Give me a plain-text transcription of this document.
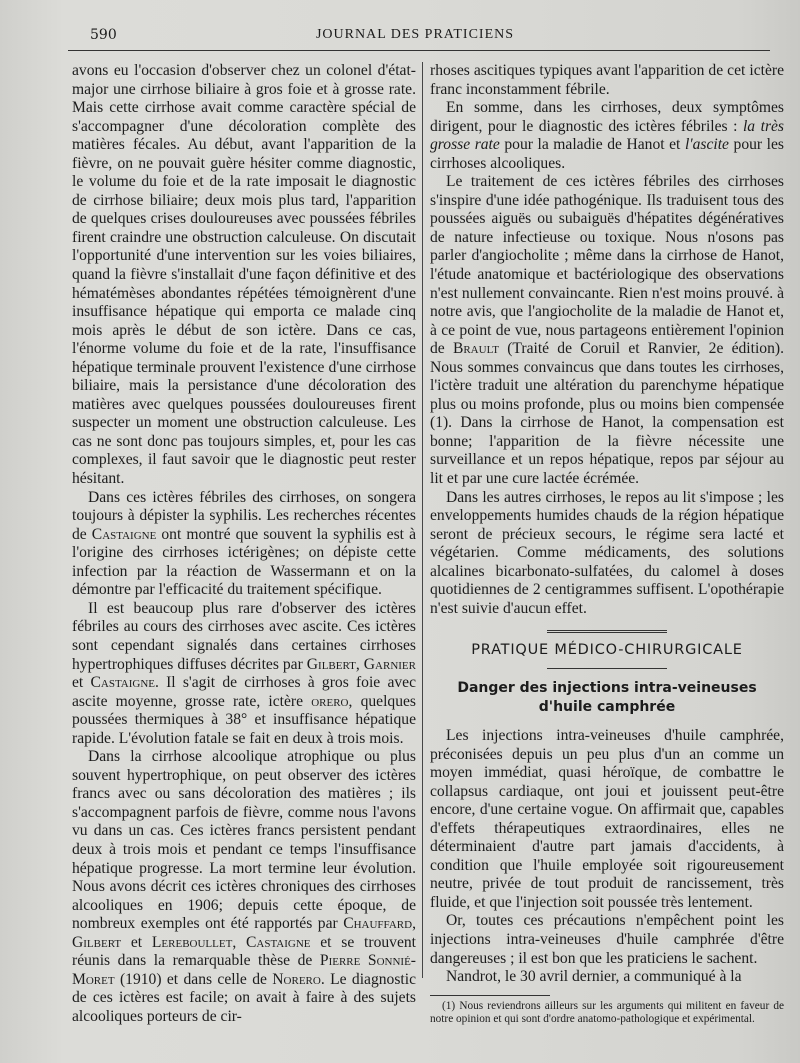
590	JOURNAL DES PRATICIENS

avons eu l'occasion d'observer chez un colonel d'état-major une cirrhose biliaire à gros foie et à grosse rate. Mais cette cirrhose avait comme caractère spécial de s'accompagner d'une décoloration complète des matières fécales. Au début, avant l'apparition de la fièvre, on ne pouvait guère hésiter comme diagnostic, le volume du foie et de la rate imposait le diagnostic de cirrhose biliaire; deux mois plus tard, l'apparition de quelques crises douloureuses avec poussées fébriles firent craindre une obstruction calculeuse. On discutait l'opportunité d'une intervention sur les voies biliaires, quand la fièvre s'installait d'une façon définitive et des hématémèses abondantes répétées témoignèrent d'une insuffisance hépatique qui emporta ce malade cinq mois après le début de son ictère. Dans ce cas, l'énorme volume du foie et de la rate, l'insuffisance hépatique terminale prouvent l'existence d'une cirrhose biliaire, mais la persistance d'une décoloration des matières avec quelques poussées douloureuses firent suspecter un moment une obstruction calculeuse. Les cas ne sont donc pas toujours simples, et, pour les cas complexes, il faut savoir que le diagnostic peut rester hésitant.

Dans ces ictères fébriles des cirrhoses, on songera toujours à dépister la syphilis. Les recherches récentes de Castaigne ont montré que souvent la syphilis est à l'origine des cirrhoses ictérigènes; on dépiste cette infection par la réaction de Wassermann et on la démontre par l'efficacité du traitement spécifique.

Il est beaucoup plus rare d'observer des ictères fébriles au cours des cirrhoses avec ascite. Ces ictères sont cependant signalés dans certaines cirrhoses hypertrophiques diffuses décrites par Gilbert, Garnier et Castaigne. Il s'agit de cirrhoses à gros foie avec ascite moyenne, grosse rate, ictère orero, quelques poussées thermiques à 38° et insuffisance hépatique rapide. L'évolution fatale se fait en deux à trois mois.

Dans la cirrhose alcoolique atrophique ou plus souvent hypertrophique, on peut observer des ictères francs avec ou sans décoloration des matières ; ils s'accompagnent parfois de fièvre, comme nous l'avons vu dans un cas. Ces ictères francs persistent pendant deux à trois mois et pendant ce temps l'insuffisance hépatique progresse. La mort termine leur évolution. Nous avons décrit ces ictères chroniques des cirrhoses alcooliques en 1906; depuis cette époque, de nombreux exemples ont été rapportés par Chauffard, Gilbert et Lereboullet, Castaigne et se trouvent réunis dans la remarquable thèse de Pierre Sonnié-Moret (1910) et dans celle de Norero. Le diagnostic de ces ictères est facile; on avait à faire à des sujets alcooliques porteurs de cir-

rhoses ascitiques typiques avant l'apparition de cet ictère franc inconstamment fébrile.

En somme, dans les cirrhoses, deux symptômes dirigent, pour le diagnostic des ictères fébriles : la très grosse rate pour la maladie de Hanot et l'ascite pour les cirrhoses alcooliques.

Le traitement de ces ictères fébriles des cirrhoses s'inspire d'une idée pathogénique. Ils traduisent tous des poussées aiguës ou subaiguës d'hépatites dégénératives de nature infectieuse ou toxique. Nous n'osons pas parler d'angiocholite ; même dans la cirrhose de Hanot, l'étude anatomique et bactériologique des observations n'est nullement convaincante. Rien n'est moins prouvé. à notre avis, que l'angiocholite de la maladie de Hanot et, à ce point de vue, nous partageons entièrement l'opinion de Brault (Traité de Coruil et Ranvier, 2e édition). Nous sommes convaincus que dans toutes les cirrhoses, l'ictère traduit une altération du parenchyme hépatique plus ou moins profonde, plus ou moins bien compensée (1). Dans la cirrhose de Hanot, la compensation est bonne; l'apparition de la fièvre nécessite une surveillance et un repos hépatique, repos par séjour au lit et par une cure lactée écrémée.

Dans les autres cirrhoses, le repos au lit s'impose ; les enveloppements humides chauds de la région hépatique seront de précieux secours, le régime sera lacté et végétarien. Comme médicaments, des solutions alcalines bicarbonato-sulfatées, du calomel à doses quotidiennes de 2 centigrammes suffisent. L'opothérapie n'est suivie d'aucun effet.

PRATIQUE MÉDICO-CHIRURGICALE
Danger des injections intra-veineuses
d'huile camphrée

Les injections intra-veineuses d'huile camphrée, préconisées depuis un peu plus d'un an comme un moyen immédiat, quasi héroïque, de combattre le collapsus cardiaque, ont joui et jouissent peut-être encore, d'une certaine vogue. On affirmait que, capables d'effets thérapeutiques extraordinaires, elles ne déterminaient d'autre part jamais d'accidents, à condition que l'huile employée soit rigoureusement neutre, privée de tout produit de rancissement, très fluide, et que l'injection soit poussée très lentement.

Or, toutes ces précautions n'empêchent point les injections intra-veineuses d'huile camphrée d'être dangereuses ; il est bon que les praticiens le sachent.

Nandrot, le 30 avril dernier, a communiqué à la

(1) Nous reviendrons ailleurs sur les arguments qui militent en faveur de notre opinion et qui sont d'ordre anatomo-pathologique et expérimental.
